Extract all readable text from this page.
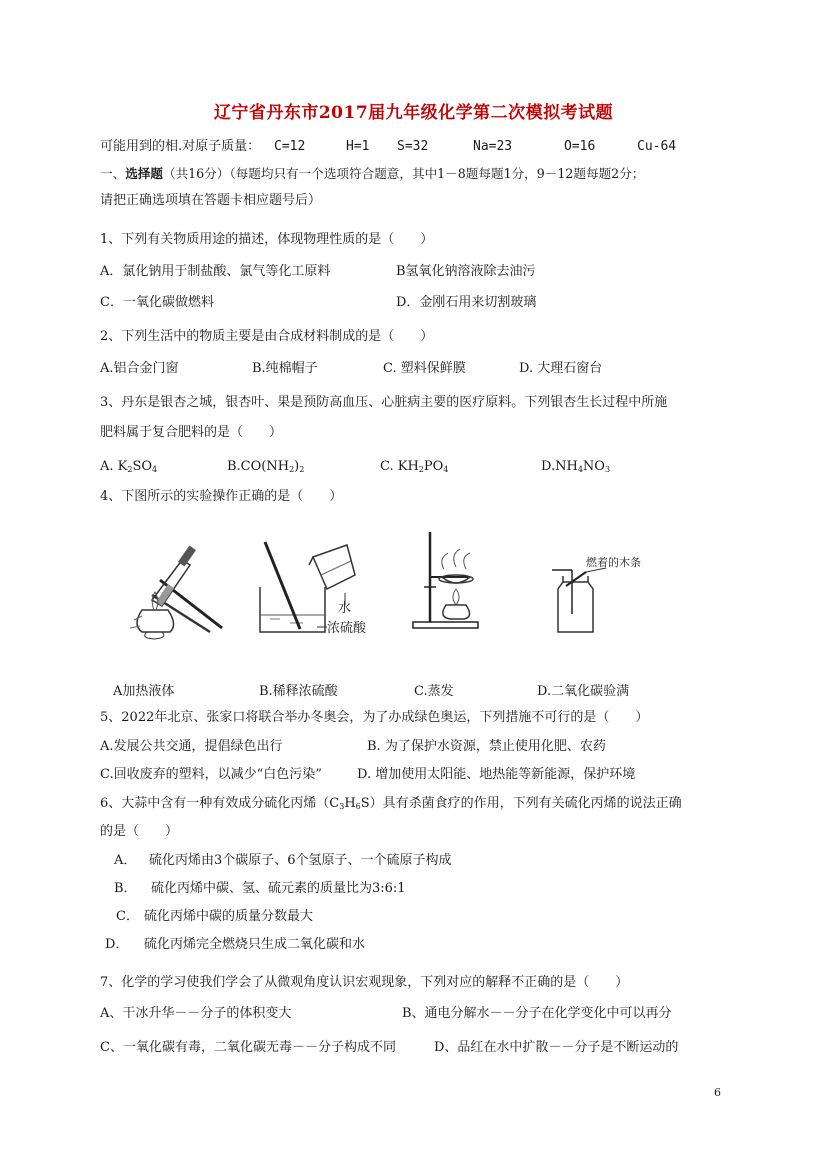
辽宁省丹东市2017届九年级化学第二次模拟考试题
可能用到的相.对原子质量： C=12	H=1 S=32	Na=23	O=16	Cu-64
一、选择题（共16分）（每题均只有一个选项符合题意，其中1－8题每题1分，9－12题每题2分；
请把正确选项填在答题卡相应题号后）
1、下列有关物质用途的描述，体现物理性质的是（　　）
A．氯化钠用于制盐酸、氯气等化工原料	B氢氧化钠溶液除去油污
C．一氧化碳做燃料	D．金刚石用来切割玻璃
2、下列生活中的物质主要是由合成材料制成的是（　　）
A.铝合金门窗	B.纯棉帽子	C. 塑料保鲜膜	D. 大理石窗台
3、丹东是银杏之城，银杏叶、果是预防高血压、心脏病主要的医疗原料。下列银杏生长过程中所施
肥料属于复合肥料的是（　　）
A. $K_2SO_4$	$B.CO(NH_2)_2$	C. $KH_2PO_4$	$D.NH_4NO_3$
4、下图所示的实验操作正确的是（　　）
水
浓硫酸
燃着的木条
A加热液体	B.稀释浓硫酸	C.蒸发	D.二氧化碳验满
5、2022年北京、张家口将联合举办冬奥会，为了办成绿色奥运，下列措施不可行的是（　　）
A.发展公共交通，提倡绿色出行	B. 为了保护水资源，禁止使用化肥、农药
C.回收废弃的塑料，以减少“白色污染”	D. 增加使用太阳能、地热能等新能源，保护环境
6、大蒜中含有一种有效成分硫化丙烯$(C_3H_6S)$具有杀菌食疗的作用，下列有关硫化丙烯的说法正确
的是（　　）
A． 硫化丙烯由3个碳原子、6个氢原子、一个硫原子构成
B． 硫化丙烯中碳、氢、硫元素的质量比为3:6:1
C． 硫化丙烯中碳的质量分数最大
D． 硫化丙烯完全燃烧只生成二氧化碳和水
7、化学的学习使我们学会了从微观角度认识宏观现象，下列对应的解释不正确的是（　　）
A、干冰升华－－分子的体积变大	B、通电分解水－－分子在化学变化中可以再分
C、一氧化碳有毒，二氧化碳无毒－－分子构成不同	D、品红在水中扩散－－分子是不断运动的
6
